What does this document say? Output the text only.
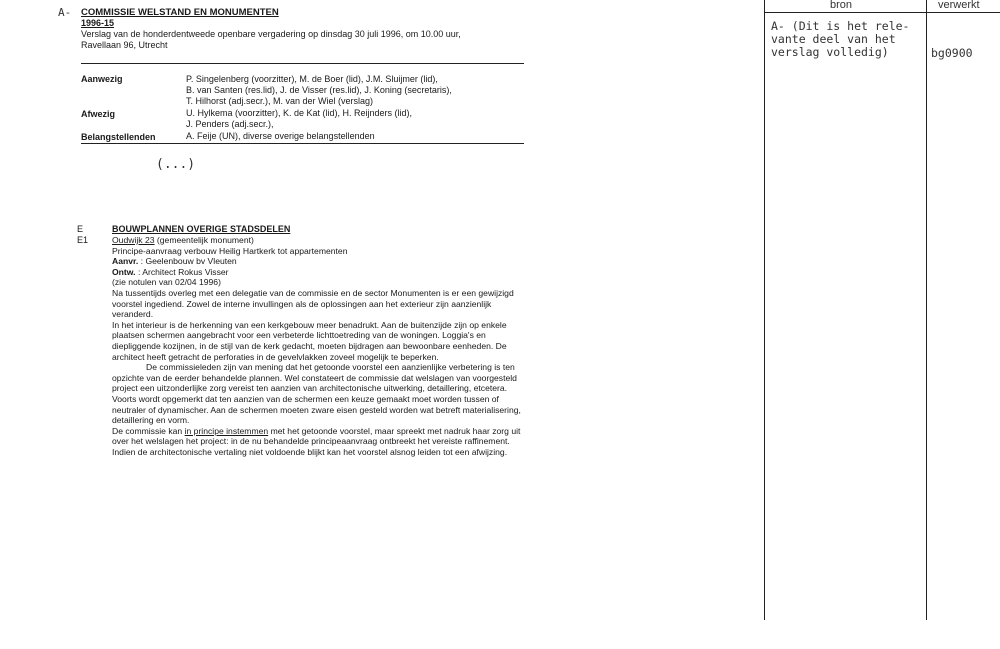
bron	verwerkt
A- (Dit is het rele-
vante deel van het
verslag volledig)	bg0900
A- COMMISSIE WELSTAND EN MONUMENTEN
1996-15
Verslag van de honderdentweede openbare vergadering op dinsdag 30 juli 1996, om 10.00 uur,
Ravellaan 96, Utrecht
Aanwezig	P. Singelenberg (voorzitter), M. de Boer (lid), J.M. Sluijmer (lid),
B. van Santen (res.lid), J. de Visser (res.lid), J. Koning (secretaris),
T. Hilhorst (adj.secr.), M. van der Wiel (verslag)
Afwezig	U. Hylkema (voorzitter), K. de Kat (lid), H. Reijnders (lid),
J. Penders (adj.secr.),
Belangstellenden	A. Feije (UN), diverse overige belangstellenden
(...)
E
E1
BOUWPLANNEN OVERIGE STADSDELEN

Oudwijk 23 (gemeentelijk monument)

Principe-aanvraag verbouw Heilig Hartkerk tot appartementen

Aanvr. : Geelenbouw bv Vleuten

Ontw. : Architect Rokus Visser

(zie notulen van 02/04 1996)

Na tussentijds overleg met een delegatie van de commissie en de sector Monumenten is er een gewijzigd voorstel ingediend. Zowel de interne invullingen als de oplossingen aan het exterieur zijn aanzienlijk veranderd.

In het interieur is de herkenning van een kerkgebouw meer benadrukt. Aan de buitenzijde zijn op enkele plaatsen schermen aangebracht voor een verbeterde lichttoetreding van de woningen. Loggia's en diepliggende kozijnen, in de stijl van de kerk gedacht, moeten bijdragen aan bewoonbare eenheden. De architect heeft getracht de perforaties in de gevelvlakken zoveel mogelijk te beperken.

De commissieleden zijn van mening dat het getoonde voorstel een aanzienlijke verbetering is ten opzichte van de eerder behandelde plannen. Wel constateert de commissie dat welslagen van voorgesteld project een uitzonderlijke zorg vereist ten aanzien van architectonische uitwerking, detaillering, etcetera. Voorts wordt opgemerkt dat ten aanzien van de schermen een keuze gemaakt moet worden tussen of neutraler of dynamischer. Aan de schermen moeten zware eisen gesteld worden wat betreft materialisering, detaillering en vorm.

De commissie kan in principe instemmen met het getoonde voorstel, maar spreekt met nadruk haar zorg uit over het welslagen het project: in de nu behandelde principeaanvraag ontbreekt het vereiste raffinement. Indien de architectonische vertaling niet voldoende blijkt kan het voorstel alsnog leiden tot een afwijzing.
